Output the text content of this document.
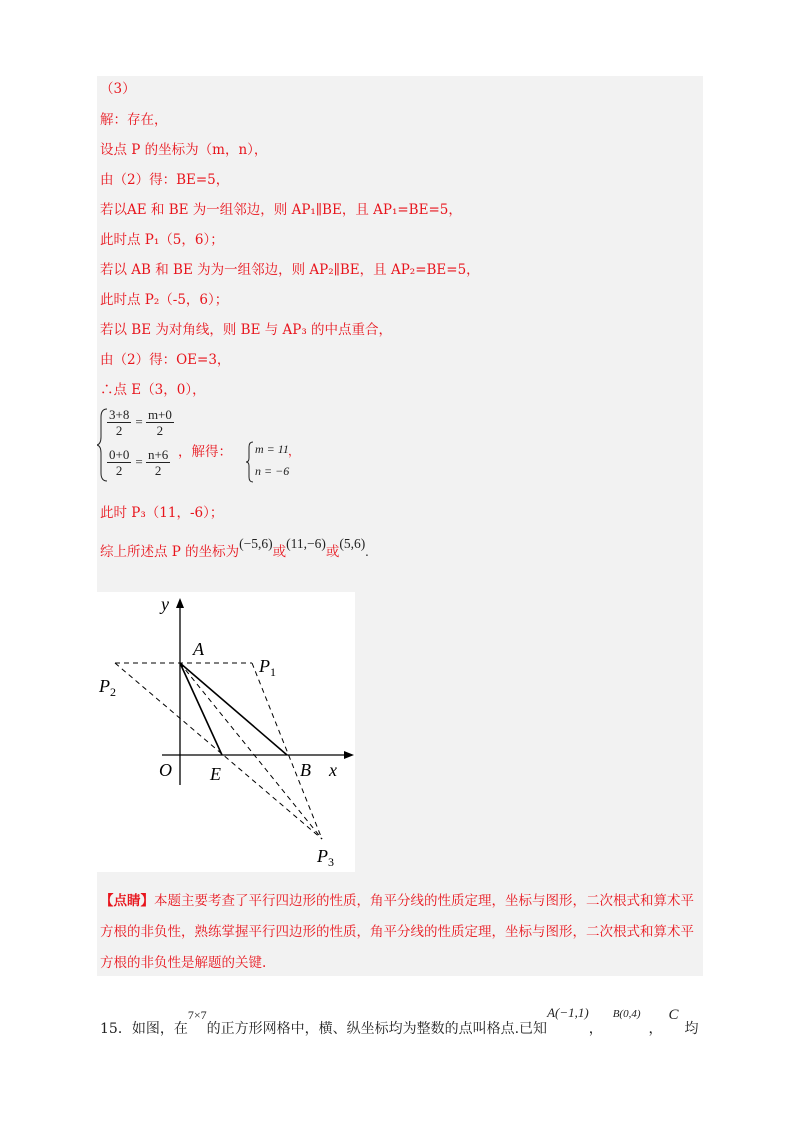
（3）
解：存在，
设点 P 的坐标为（m，n），
由（2）得：BE=5，
若以AE 和 BE 为一组邻边，则 AP₁∥BE，且 AP₁=BE=5，
此时点 P₁（5，6）；
若以 AB 和 BE 为为一组邻边，则 AP₂∥BE，且 AP₂=BE=5，
此时点 P₂（-5，6）；
若以 BE 为对角线，则 BE 与 AP₃ 的中点重合，
由（2）得：OE=3，
∴点 E（3，0），
$\frac{3+8}{2} = \frac{m+0}{2}$
$\frac{0+0}{2} = \frac{n+6}{2}$ ，解得： m = 11
n = −6
，
此时 P₃（11，-6）；
综上所述点 P 的坐标为(−5,6)或(11,−6)或(5,6).
y
x
O
A
B
E
$P_1$
$P_2$
$P_3$
【点睛】本题主要考查了平行四边形的性质，角平分线的性质定理，坐标与图形，二次根式和算术平方根的非负性，熟练掌握平行四边形的性质，角平分线的性质定理，坐标与图形，二次根式和算术平方根的非负性是解题的关键.
15．如图，在7×7的正方形网格中，横、纵坐标均为整数的点叫格点.已知A(−1,1)，$^{B(0,4)}$，C均
